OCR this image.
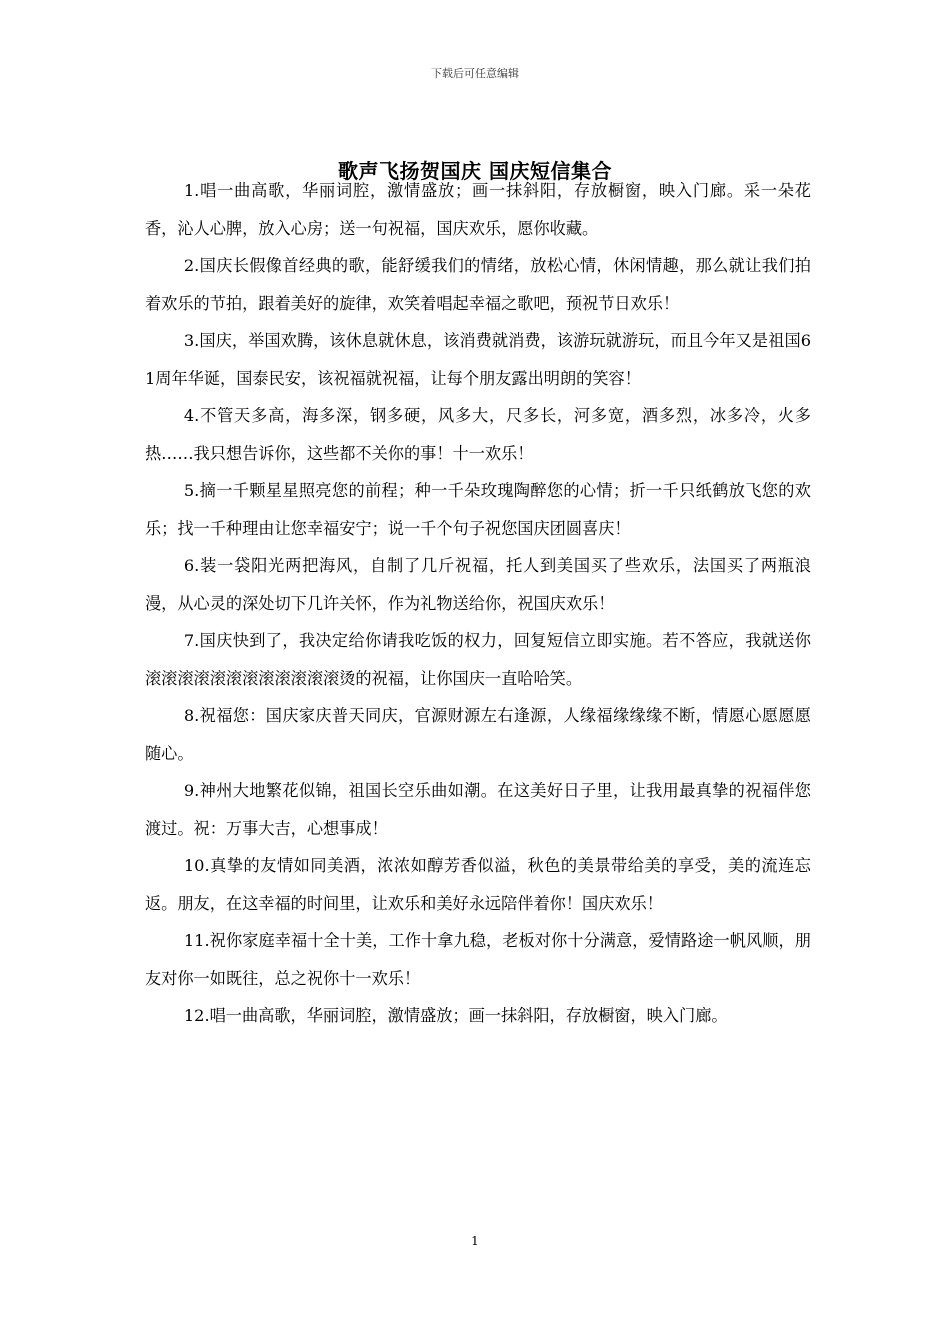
下载后可任意编辑
歌声飞扬贺国庆 国庆短信集合

1.唱一曲高歌，华丽词腔，激情盛放；画一抹斜阳，存放橱窗，映入门廊。采一朵花香，沁人心脾，放入心房；送一句祝福，国庆欢乐，愿你收藏。

2.国庆长假像首经典的歌，能舒缓我们的情绪，放松心情，休闲情趣，那么就让我们拍着欢乐的节拍，跟着美好的旋律，欢笑着唱起幸福之歌吧，预祝节日欢乐！

3.国庆，举国欢腾，该休息就休息，该消费就消费，该游玩就游玩，而且今年又是祖国61周年华诞，国泰民安，该祝福就祝福，让每个朋友露出明朗的笑容！

4.不管天多高，海多深，钢多硬，风多大，尺多长，河多宽，酒多烈，冰多冷，火多热……我只想告诉你，这些都不关你的事！十一欢乐！

5.摘一千颗星星照亮您的前程；种一千朵玫瑰陶醉您的心情；折一千只纸鹤放飞您的欢乐；找一千种理由让您幸福安宁；说一千个句子祝您国庆团圆喜庆！

6.装一袋阳光两把海风，自制了几斤祝福，托人到美国买了些欢乐，法国买了两瓶浪漫，从心灵的深处切下几许关怀，作为礼物送给你，祝国庆欢乐！

7.国庆快到了，我决定给你请我吃饭的权力，回复短信立即实施。若不答应，我就送你滚滚滚滚滚滚滚滚滚滚滚滚烫的祝福，让你国庆一直哈哈笑。

8.祝福您：国庆家庆普天同庆，官源财源左右逢源，人缘福缘缘缘不断，情愿心愿愿愿随心。

9.神州大地繁花似锦，祖国长空乐曲如潮。在这美好日子里，让我用最真挚的祝福伴您渡过。祝：万事大吉，心想事成！

10.真挚的友情如同美酒，浓浓如醇芳香似溢，秋色的美景带给美的享受，美的流连忘返。朋友，在这幸福的时间里，让欢乐和美好永远陪伴着你！国庆欢乐！

11.祝你家庭幸福十全十美，工作十拿九稳，老板对你十分满意，爱情路途一帆风顺，朋友对你一如既往，总之祝你十一欢乐！

12.唱一曲高歌，华丽词腔，激情盛放；画一抹斜阳，存放橱窗，映入门廊。

1
